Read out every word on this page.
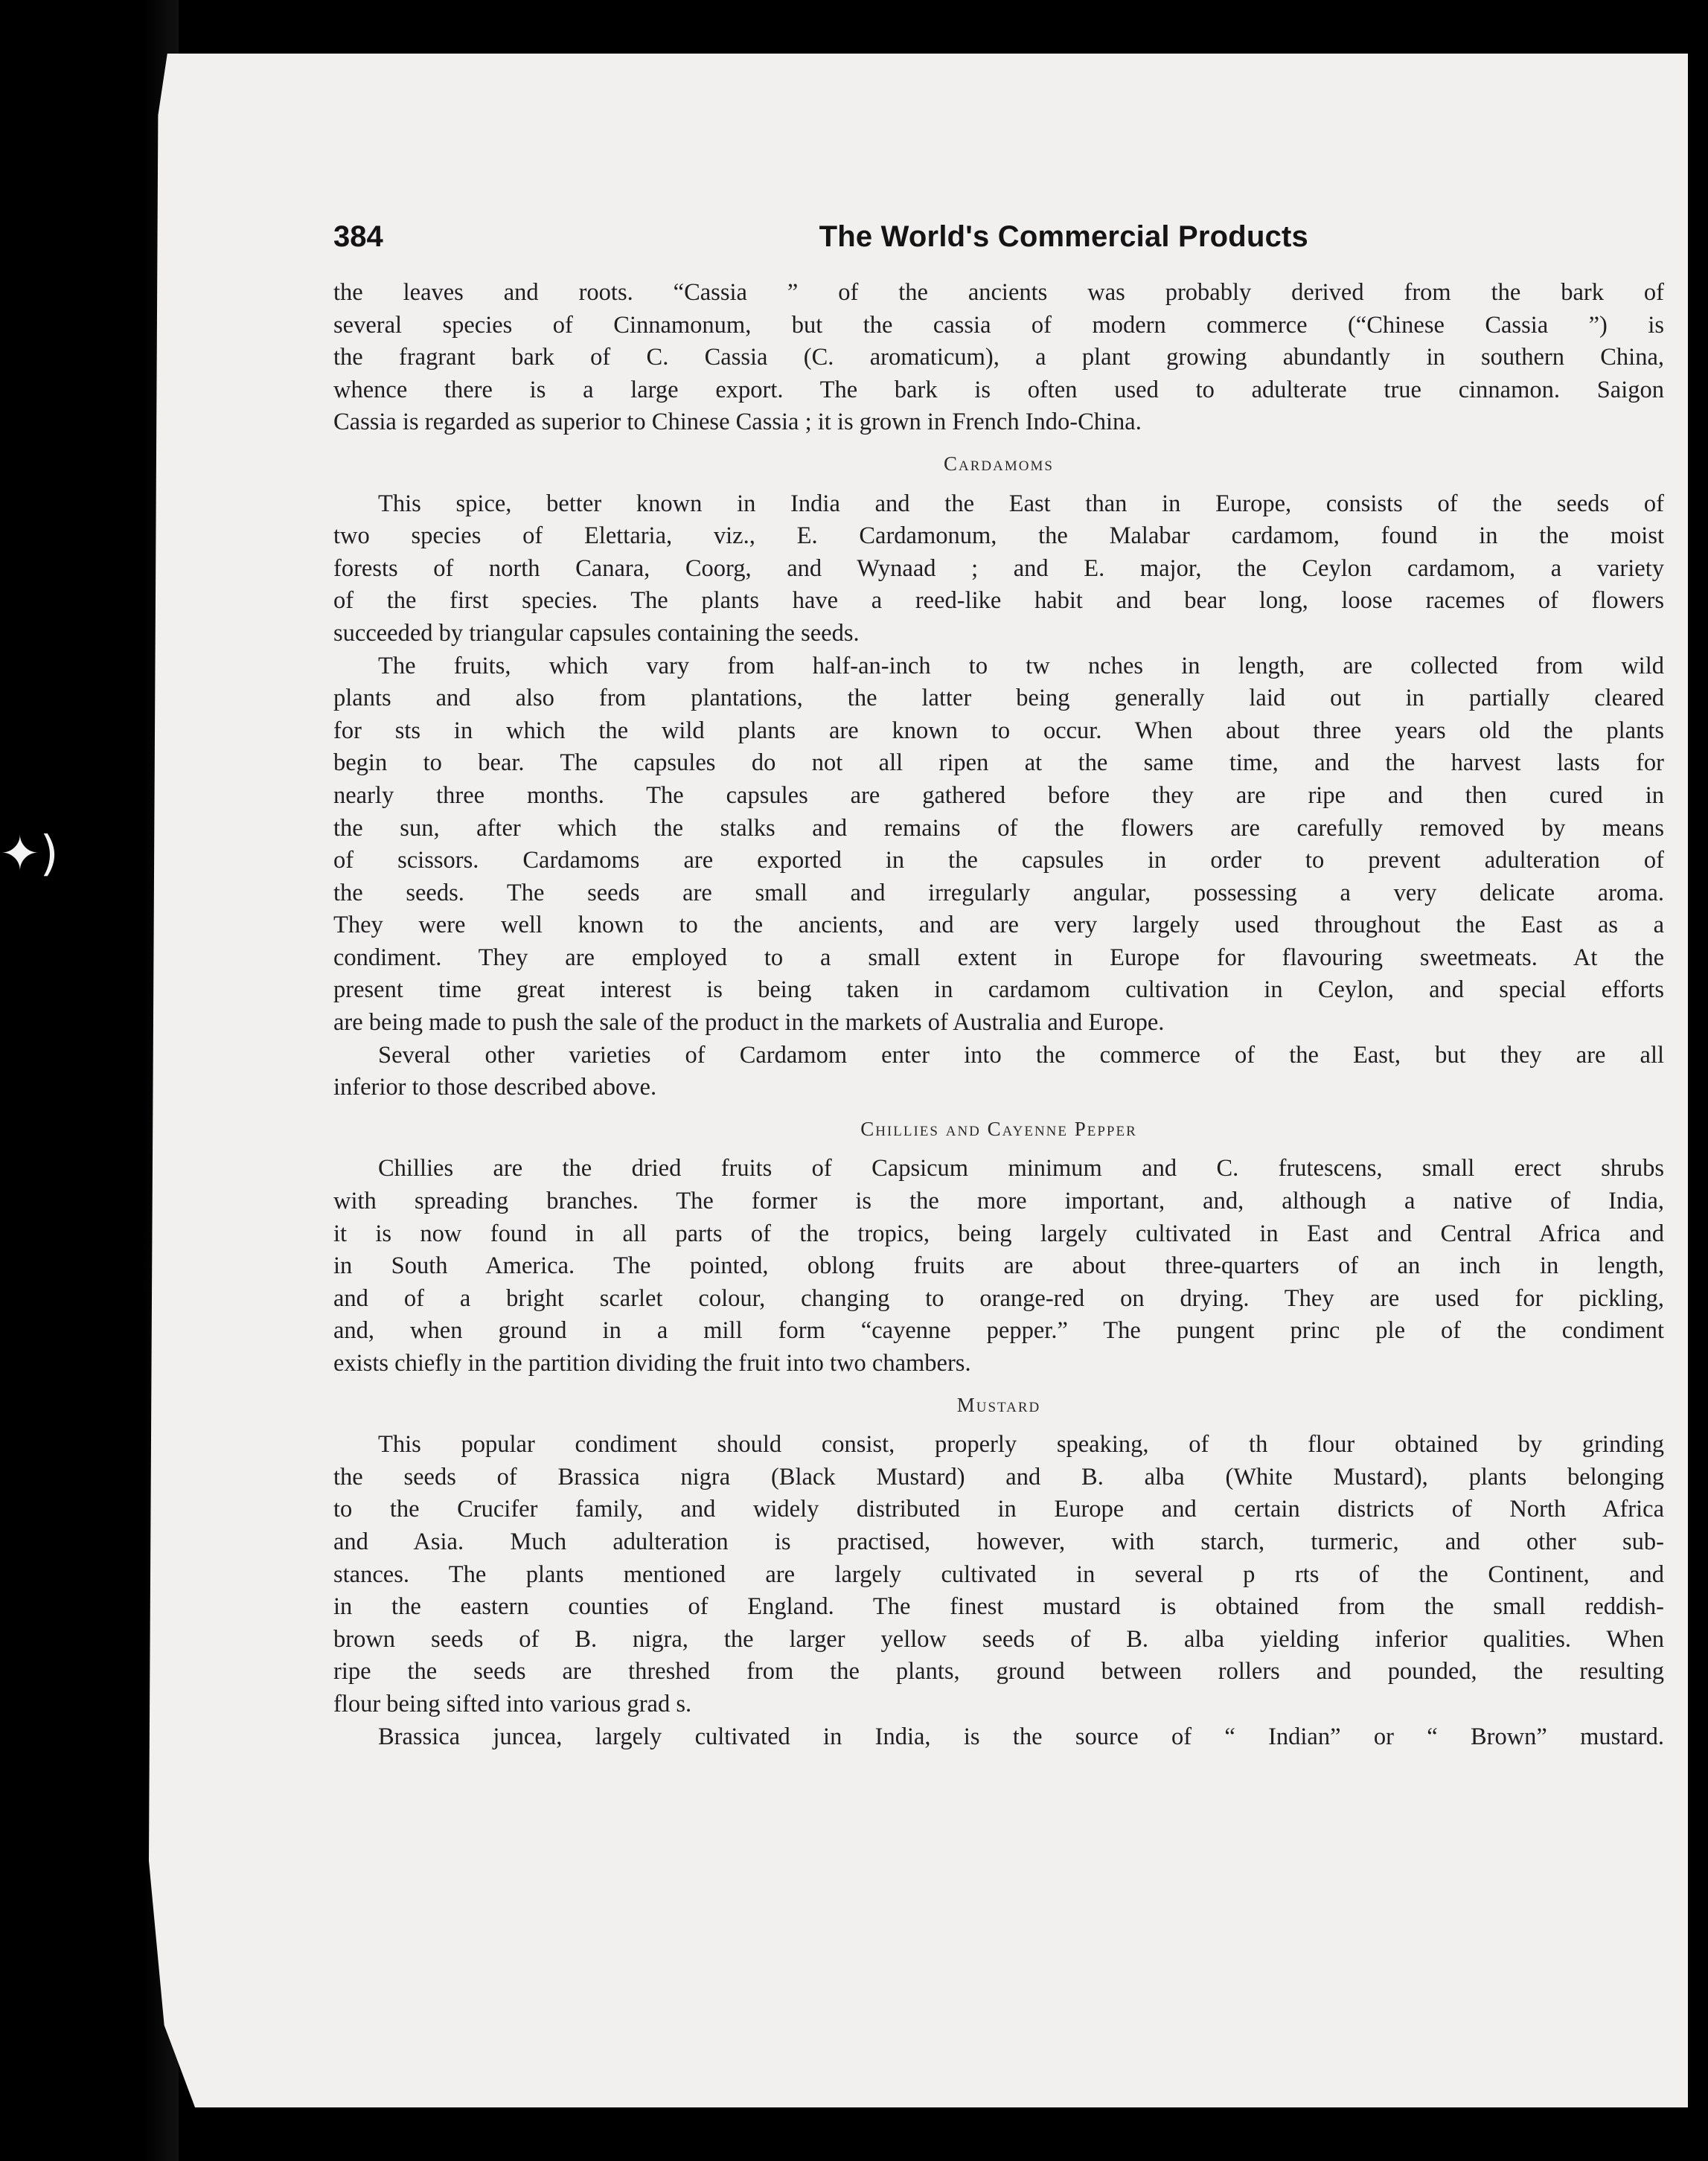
✦)
384	The World's Commercial Products
the leaves and roots. “Cassia ” of the ancients was probably derived from the bark of
several species of Cinnamonum, but the cassia of modern commerce (“Chinese Cassia ”) is
the fragrant bark of C. Cassia (C. aromaticum), a plant growing abundantly in southern China,
whence there is a large export. The bark is often used to adulterate true cinnamon. Saigon
Cassia is regarded as superior to Chinese Cassia ; it is grown in French Indo-China.
Cardamoms
This spice, better known in India and the East than in Europe, consists of the seeds of
two species of Elettaria, viz., E. Cardamonum, the Malabar cardamom, found in the moist
forests of north Canara, Coorg, and Wynaad ; and E. major, the Ceylon cardamom, a variety
of the first species. The plants have a reed-like habit and bear long, loose racemes of flowers
succeeded by triangular capsules containing the seeds.
The fruits, which vary from half-an-inch to tw nches in length, are collected from wild
plants and also from plantations, the latter being generally laid out in partially cleared
for sts in which the wild plants are known to occur. When about three years old the plants
begin to bear. The capsules do not all ripen at the same time, and the harvest lasts for
nearly three months. The capsules are gathered before they are ripe and then cured in
the sun, after which the stalks and remains of the flowers are carefully removed by means
of scissors. Cardamoms are exported in the capsules in order to prevent adulteration of
the seeds. The seeds are small and irregularly angular, possessing a very delicate aroma.
They were well known to the ancients, and are very largely used throughout the East as a
condiment. They are employed to a small extent in Europe for flavouring sweetmeats. At the
present time great interest is being taken in cardamom cultivation in Ceylon, and special efforts
are being made to push the sale of the product in the markets of Australia and Europe.
Several other varieties of Cardamom enter into the commerce of the East, but they are all
inferior to those described above.
Chillies and Cayenne Pepper
Chillies are the dried fruits of Capsicum minimum and C. frutescens, small erect shrubs
with spreading branches. The former is the more important, and, although a native of India,
it is now found in all parts of the tropics, being largely cultivated in East and Central Africa and
in South America. The pointed, oblong fruits are about three-quarters of an inch in length,
and of a bright scarlet colour, changing to orange-red on drying. They are used for pickling,
and, when ground in a mill form “cayenne pepper.” The pungent princ ple of the condiment
exists chiefly in the partition dividing the fruit into two chambers.
Mustard
This popular condiment should consist, properly speaking, of th flour obtained by grinding
the seeds of Brassica nigra (Black Mustard) and B. alba (White Mustard), plants belonging
to the Crucifer family, and widely distributed in Europe and certain districts of North Africa
and Asia. Much adulteration is practised, however, with starch, turmeric, and other sub-
stances. The plants mentioned are largely cultivated in several p rts of the Continent, and
in the eastern counties of England. The finest mustard is obtained from the small reddish-
brown seeds of B. nigra, the larger yellow seeds of B. alba yielding inferior qualities. When
ripe the seeds are threshed from the plants, ground between rollers and pounded, the resulting
flour being sifted into various grad s.
Brassica juncea, largely cultivated in India, is the source of “ Indian” or “ Brown” mustard.
